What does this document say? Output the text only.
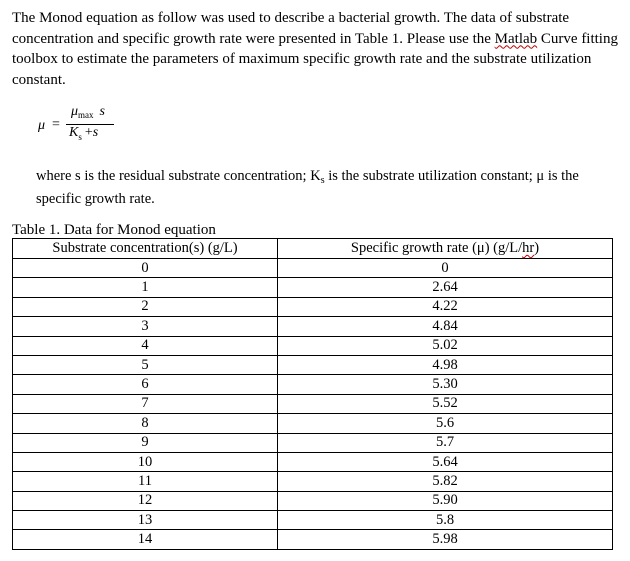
The Monod equation as follow was used to describe a bacterial growth. The data of substrate concentration and specific growth rate were presented in Table 1. Please use the Matlab Curve fitting toolbox to estimate the parameters of maximum specific growth rate and the substrate utilization constant.

μ =
$\mu_{max}$ s
$K_s +s$

where s is the residual substrate concentration; $K_s$ is the substrate utilization constant; μ is the specific growth rate.

Table 1. Data for Monod equation
Substrate concentration(s) (g/L)	Specific growth rate (μ) (g/L/hr)
0	0
1	2.64
2	4.22
3	4.84
4	5.02
5	4.98
6	5.30
7	5.52
8	5.6
9	5.7
10	5.64
11	5.82
12	5.90
13	5.8
14	5.98
